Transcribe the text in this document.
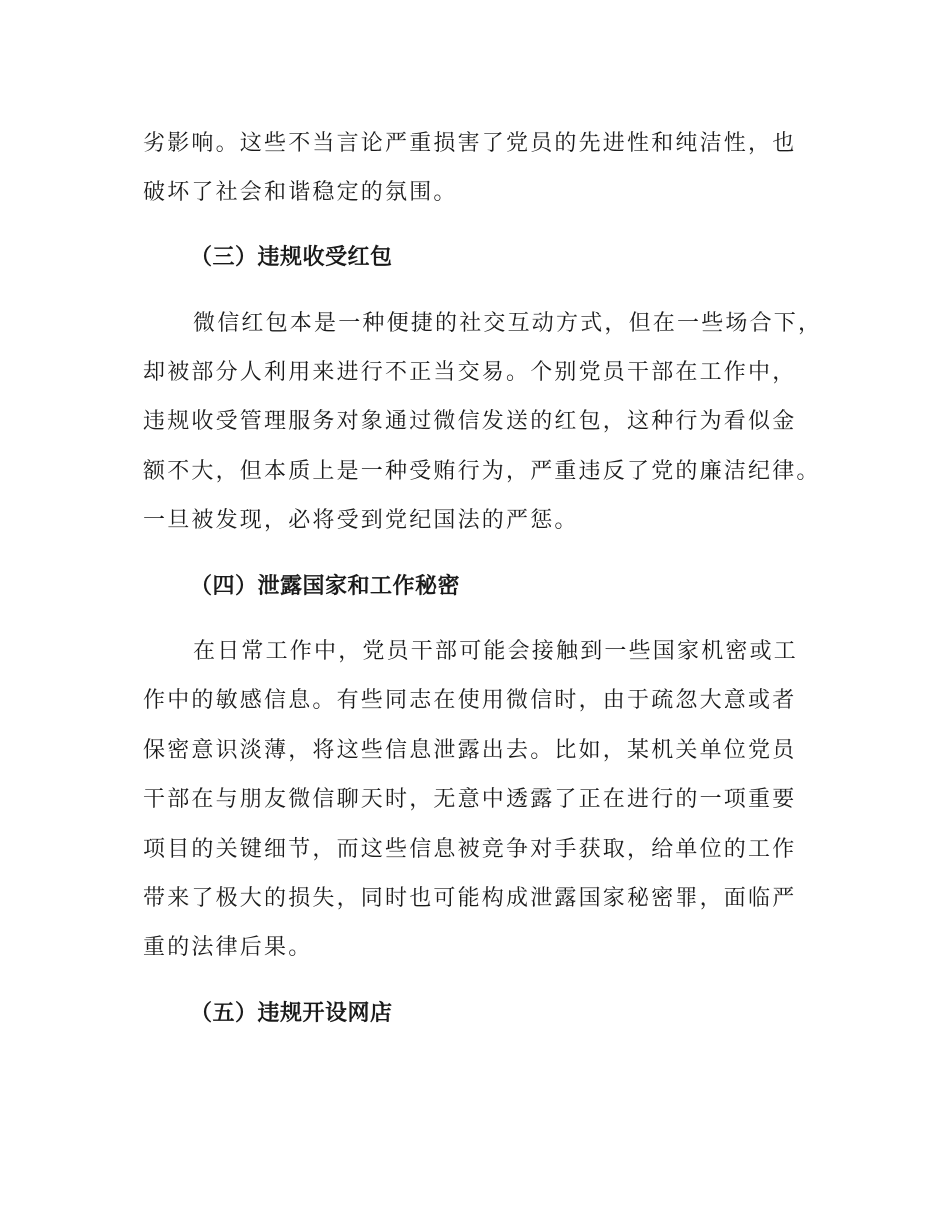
劣影响。这些不当言论严重损害了党员的先进性和纯洁性，也
破坏了社会和谐稳定的氛围。
（三）违规收受红包
微信红包本是一种便捷的社交互动方式，但在一些场合下，
却被部分人利用来进行不正当交易。个别党员干部在工作中，
违规收受管理服务对象通过微信发送的红包，这种行为看似金
额不大，但本质上是一种受贿行为，严重违反了党的廉洁纪律。
一旦被发现，必将受到党纪国法的严惩。
（四）泄露国家和工作秘密
在日常工作中，党员干部可能会接触到一些国家机密或工
作中的敏感信息。有些同志在使用微信时，由于疏忽大意或者
保密意识淡薄，将这些信息泄露出去。比如，某机关单位党员
干部在与朋友微信聊天时，无意中透露了正在进行的一项重要
项目的关键细节，而这些信息被竞争对手获取，给单位的工作
带来了极大的损失，同时也可能构成泄露国家秘密罪，面临严
重的法律后果。
（五）违规开设网店
